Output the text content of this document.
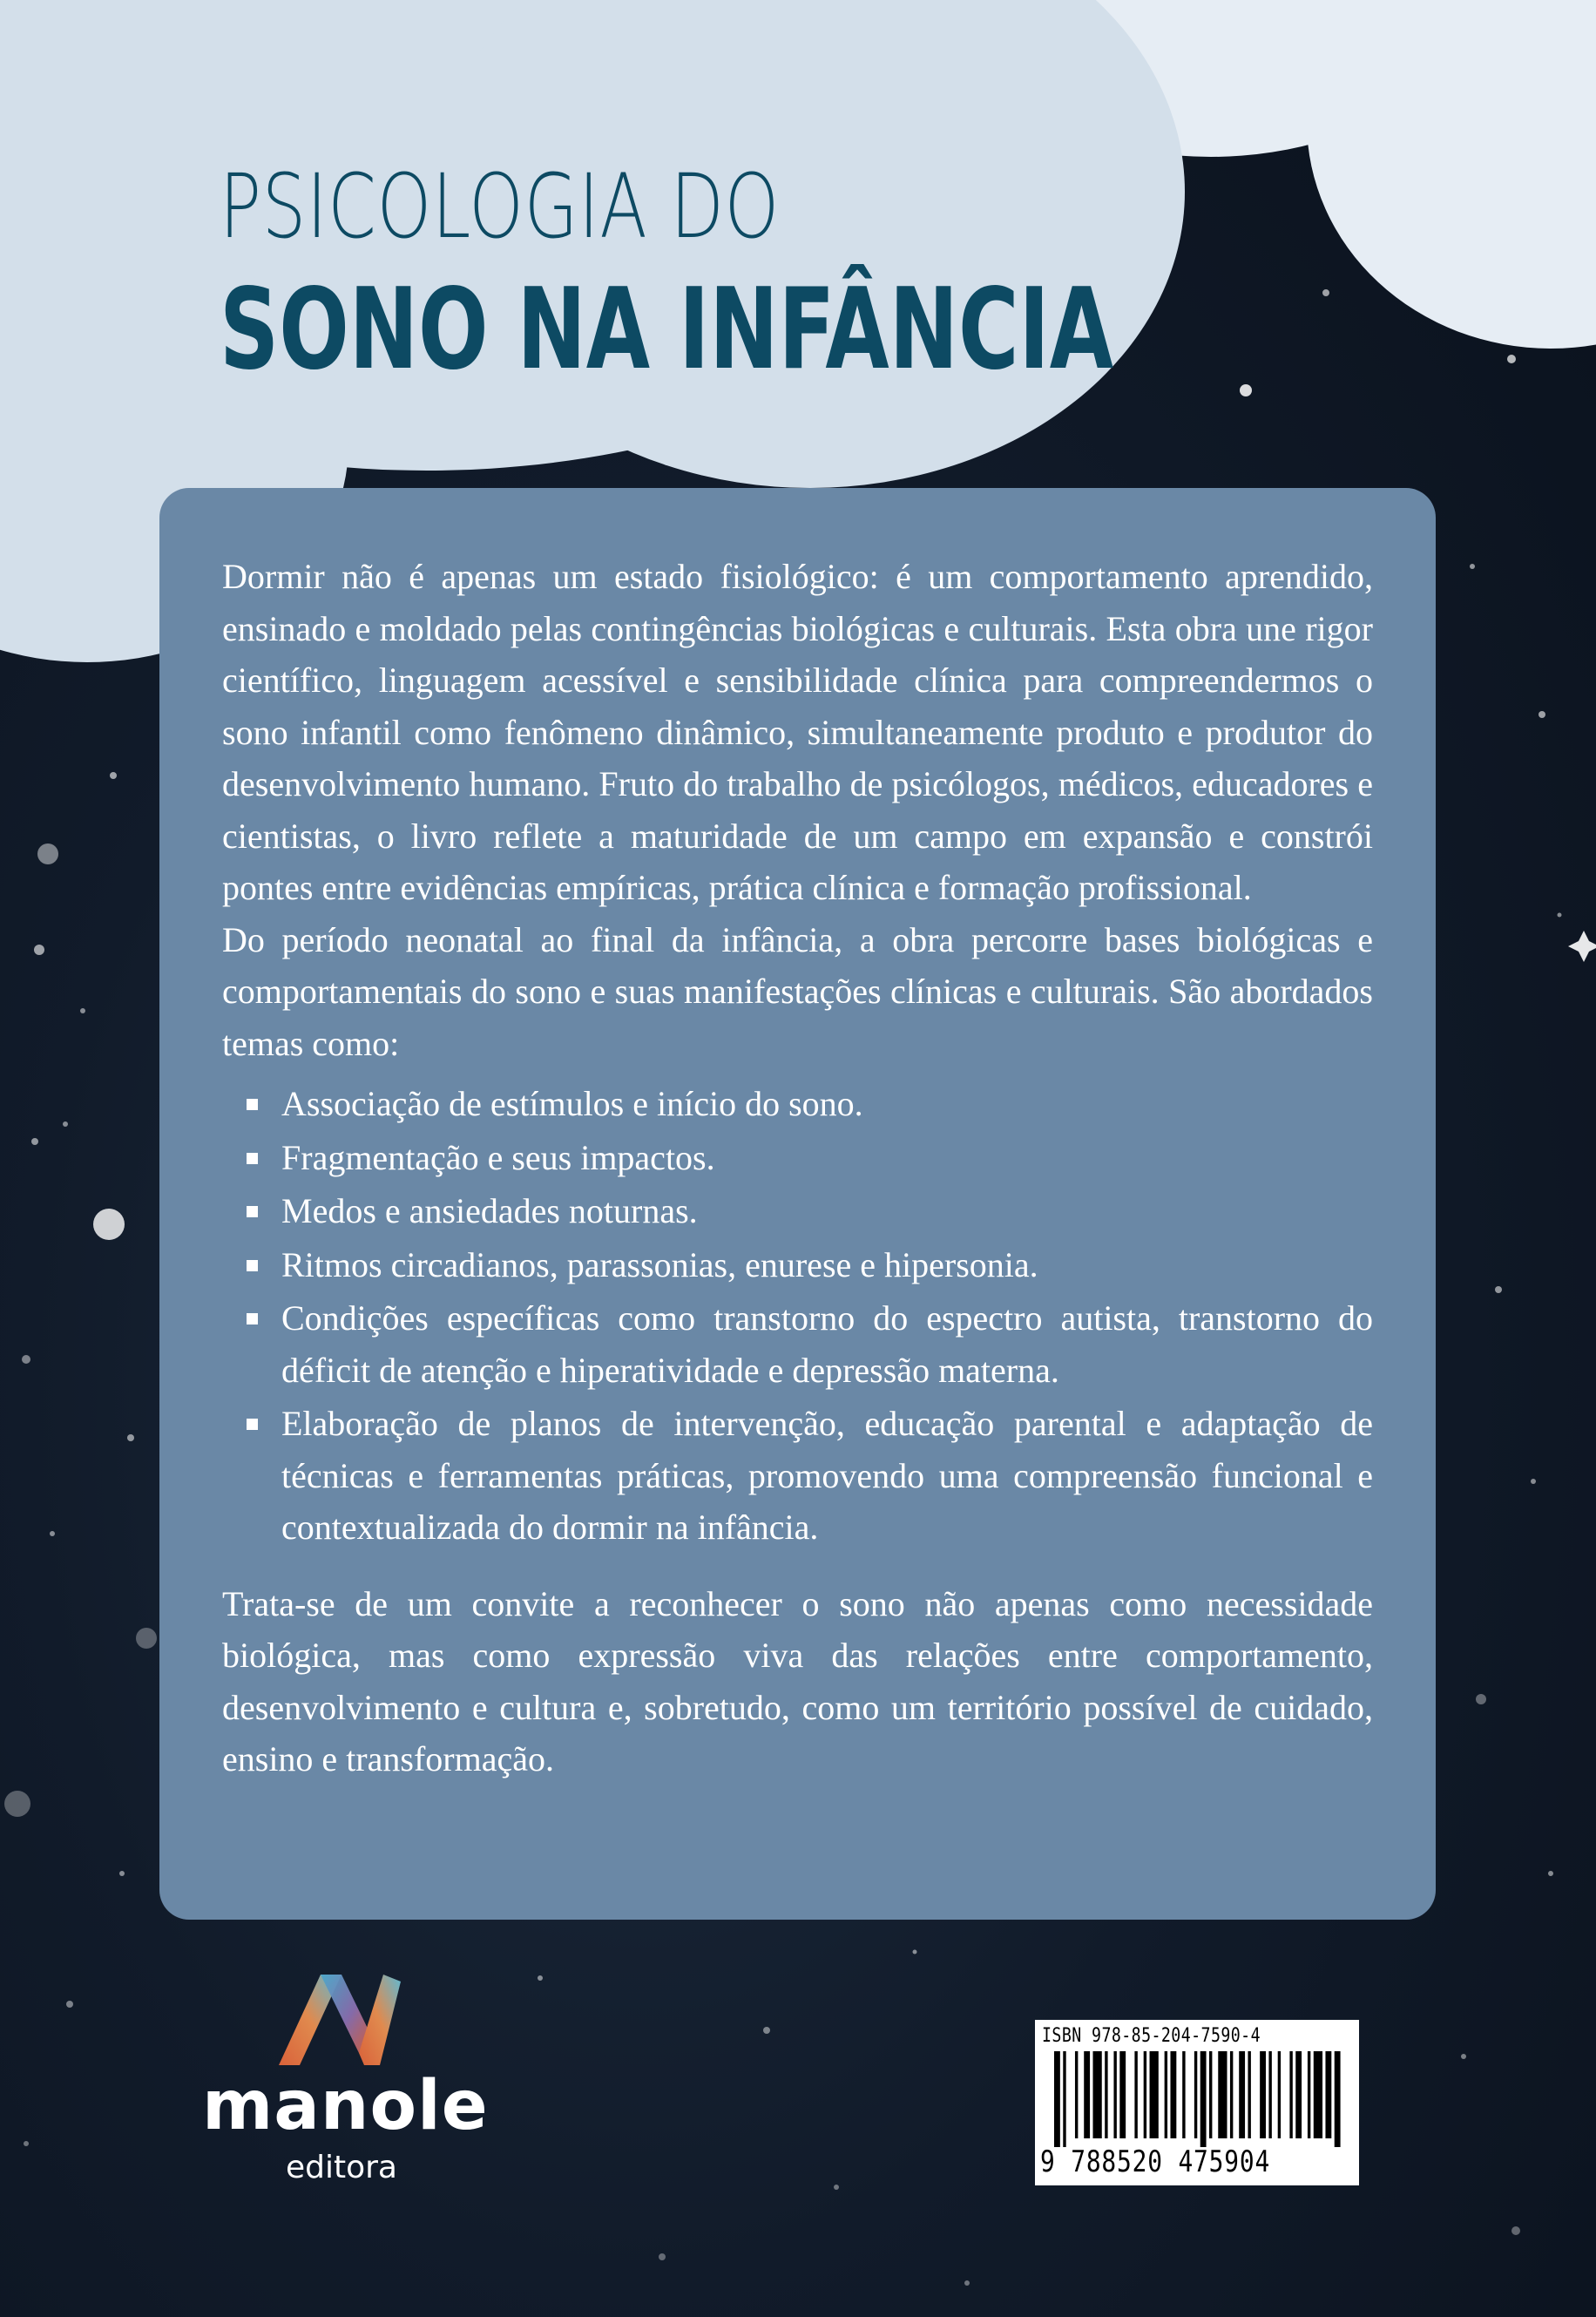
PSICOLOGIA DO
SONO NA INFÂNCIA

Dormir não é apenas um estado fisiológico: é um comportamento aprendido, ensinado e moldado pelas contingências biológicas e culturais. Esta obra une rigor científico, linguagem acessível e sensibilidade clínica para compreendermos o sono infantil como fenômeno dinâmico, simultaneamente produto e produtor do desenvolvimento humano. Fruto do trabalho de psicólogos, médicos, educadores e cientistas, o livro reflete a maturidade de um campo em expansão e constrói pontes entre evidências empíricas, prática clínica e formação profissional.

Do período neonatal ao final da infância, a obra percorre bases biológicas e comportamentais do sono e suas manifestações clínicas e culturais. São abordados temas como:

Associação de estímulos e início do sono.
Fragmentação e seus impactos.
Medos e ansiedades noturnas.
Ritmos circadianos, parassonias, enurese e hipersonia.
Condições específicas como transtorno do espectro autista, transtorno do déficit de atenção e hiperatividade e depressão materna.
Elaboração de planos de intervenção, educação parental e adaptação de técnicas e ferramentas práticas, promovendo uma compreensão funcional e contextualizada do dormir na infância.

Trata-se de um convite a reconhecer o sono não apenas como necessidade biológica, mas como expressão viva das relações entre comportamento, desenvolvimento e cultura e, sobretudo, como um território possível de cuidado, ensino e transformação.

manole
editora
ISBN 978-85-204-7590-4
9 788520 475904
